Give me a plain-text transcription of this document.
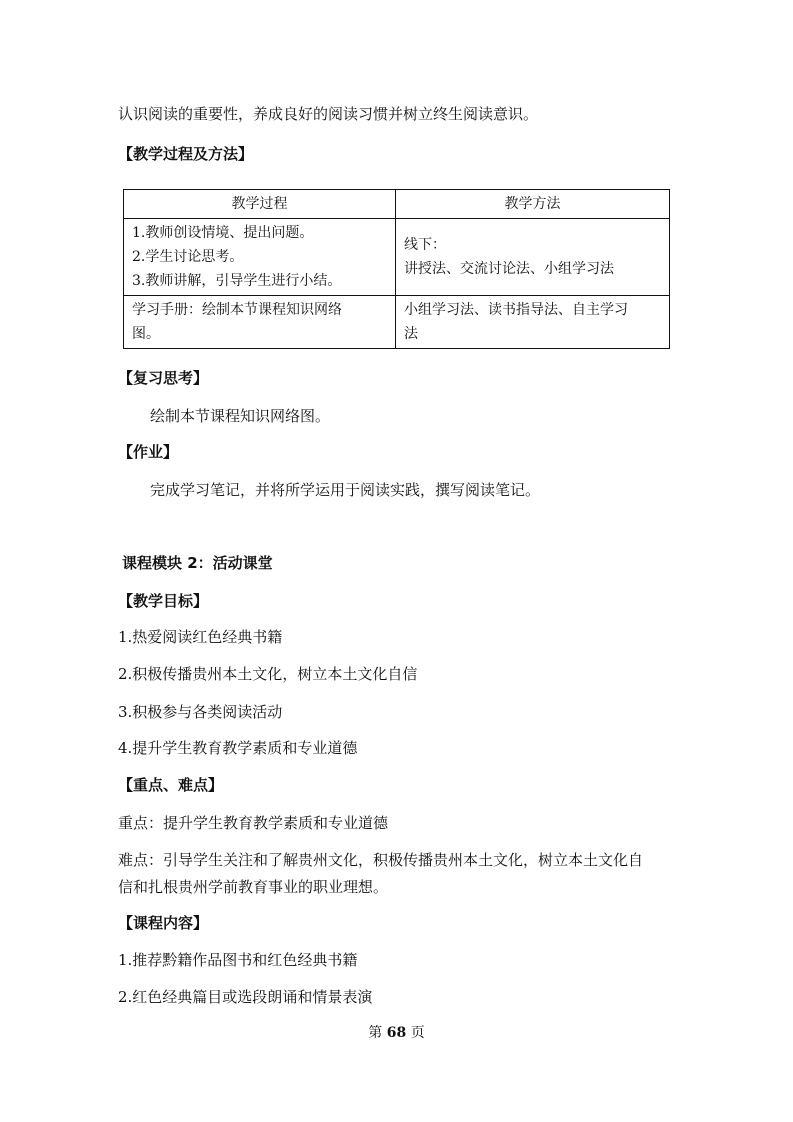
认识阅读的重要性，养成良好的阅读习惯并树立终生阅读意识。
【教学过程及方法】
教学过程	教学方法

1.教师创设情境、提出问题。
2.学生讨论思考。
3.教师讲解，引导学生进行小结。	线下：
讲授法、交流讨论法、小组学习法

学习手册：绘制本节课程知识网络
图。	小组学习法、读书指导法、自主学习
法
【复习思考】
绘制本节课程知识网络图。
【作业】
完成学习笔记，并将所学运用于阅读实践，撰写阅读笔记。
课程模块 2：活动课堂
【教学目标】
1.热爱阅读红色经典书籍
2.积极传播贵州本土文化，树立本土文化自信
3.积极参与各类阅读活动
4.提升学生教育教学素质和专业道德
【重点、难点】
重点：提升学生教育教学素质和专业道德
难点：引导学生关注和了解贵州文化，积极传播贵州本土文化，树立本土文化自
信和扎根贵州学前教育事业的职业理想。
【课程内容】
1.推荐黔籍作品图书和红色经典书籍
2.红色经典篇目或选段朗诵和情景表演
第 68 页
